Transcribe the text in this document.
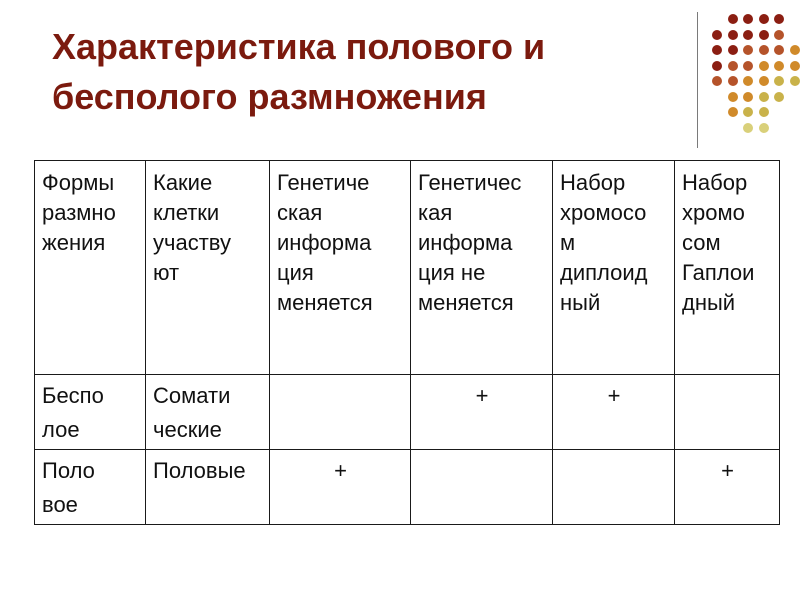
Характеристика полового и
бесполого размножения
Формы
размно
жения	Какие
клетки
участву
ют	Генетиче
ская
информа
ция
меняется	Генетичес
кая
информа
ция не
меняется	Набор
хромосо
м
диплоид
ный	Набор
хромо
сом
Гаплои
дный

Беспо
лое	Сомати
ческие		+	+	

Поло
вое	Половые	+			+
